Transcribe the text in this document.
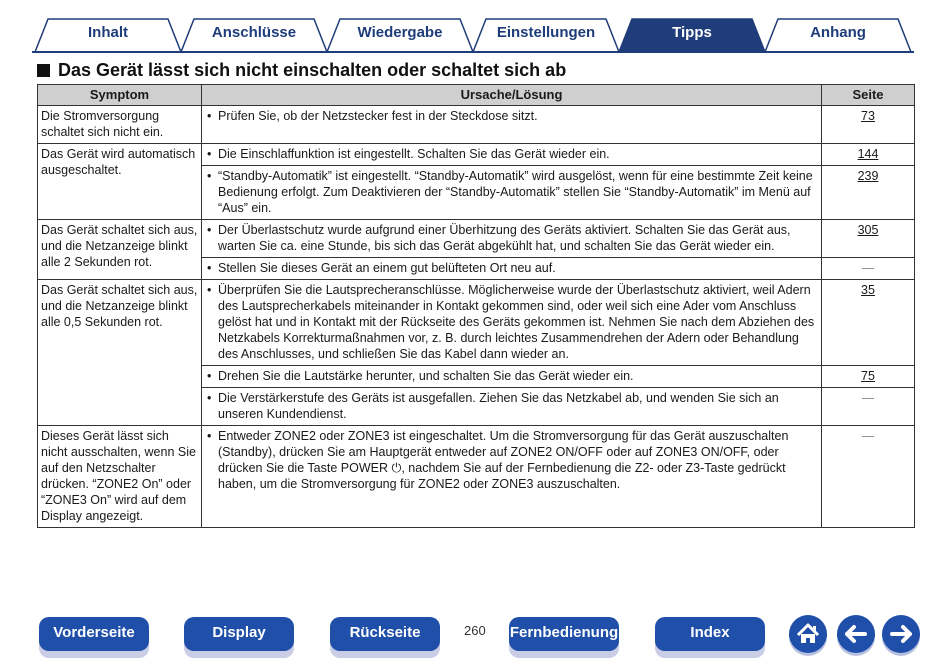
Inhalt	Anschlüsse	Wiedergabe	Einstellungen	Tipps	Anhang
Das Gerät lässt sich nicht einschalten oder schaltet sich ab
Symptom	Ursache/Lösung	Seite
Die Stromversorgung schaltet sich nicht ein.	• Prüfen Sie, ob der Netzstecker fest in der Steckdose sitzt.	73
Das Gerät wird automatisch ausgeschaltet.	• Die Einschlaffunktion ist eingestellt. Schalten Sie das Gerät wieder ein.	144

	• “Standby-Automatik” ist eingestellt. “Standby-Automatik” wird ausgelöst, wenn für eine bestimmte Zeit keine Bedienung erfolgt. Zum Deaktivieren der “Standby-Automatik” stellen Sie “Standby-Automatik” im Menü auf “Aus” ein.	239
Das Gerät schaltet sich aus, und die Netzanzeige blinkt alle 2 Sekunden rot.	• Der Überlastschutz wurde aufgrund einer Überhitzung des Geräts aktiviert. Schalten Sie das Gerät aus, warten Sie ca. eine Stunde, bis sich das Gerät abgekühlt hat, und schalten Sie das Gerät wieder ein.	305

	• Stellen Sie dieses Gerät an einem gut belüfteten Ort neu auf.	—
Das Gerät schaltet sich aus, und die Netzanzeige blinkt alle 0,5 Sekunden rot.	• Überprüfen Sie die Lautsprecheranschlüsse. Möglicherweise wurde der Überlastschutz aktiviert, weil Adern des Lautsprecherkabels miteinander in Kontakt gekommen sind, oder weil sich eine Ader vom Anschluss gelöst hat und in Kontakt mit der Rückseite des Geräts gekommen ist. Nehmen Sie nach dem Abziehen des Netzkabels Korrekturmaßnahmen vor, z. B. durch leichtes Zusammendrehen der Adern oder Behandlung des Anschlusses, und schließen Sie das Kabel dann wieder an.	35

	• Drehen Sie die Lautstärke herunter, und schalten Sie das Gerät wieder ein.	75

	• Die Verstärkerstufe des Geräts ist ausgefallen. Ziehen Sie das Netzkabel ab, und wenden Sie sich an unseren Kundendienst.	—
Dieses Gerät lässt sich nicht ausschalten, wenn Sie auf den Netzschalter drücken. “ZONE2 On” oder “ZONE3 On” wird auf dem Display angezeigt.	• Entweder ZONE2 oder ZONE3 ist eingeschaltet. Um die Stromversorgung für das Gerät auszuschalten (Standby), drücken Sie am Hauptgerät entweder auf ZONE2 ON/OFF oder auf ZONE3 ON/OFF, oder drücken Sie die Taste POWER ⏻, nachdem Sie auf der Fernbedienung die Z2- oder Z3-Taste gedrückt haben, um die Stromversorgung für ZONE2 oder ZONE3 auszuschalten.	—
Vorderseite	Display	Rückseite	260 Fernbedienung	Index
